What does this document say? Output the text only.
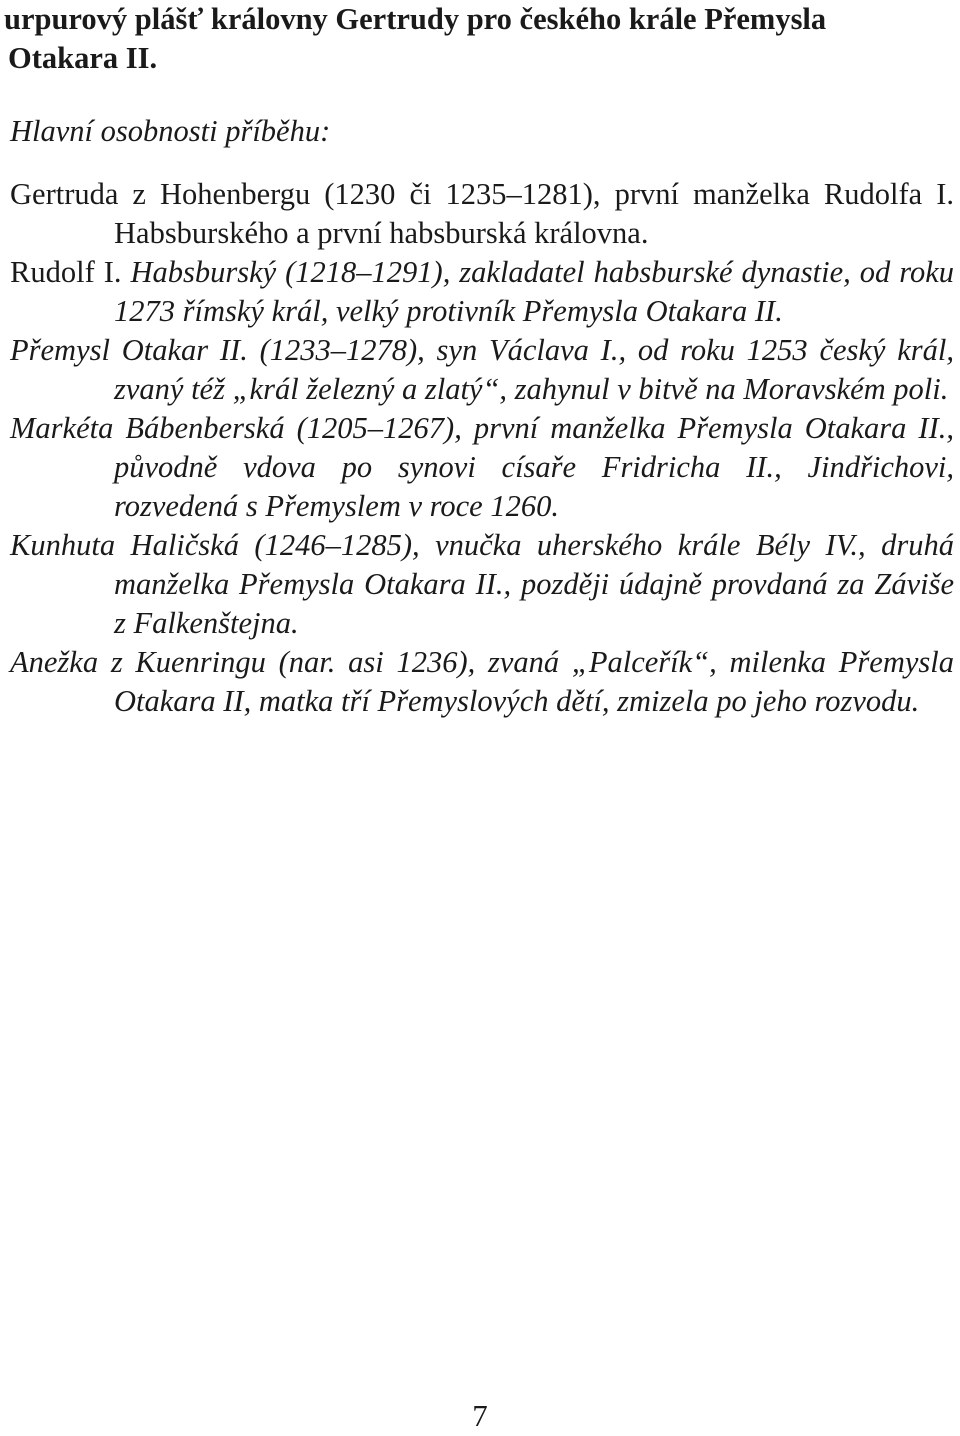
urpurový plášť královny Gertrudy pro českého krále Přemysla
Otakara II.
Hlavní osobnosti příběhu:

Gertruda z Hohenbergu (1230 či 1235–1281), první manželka Rudolfa I. Habsburského a první habsburská královna.

Rudolf I. Habsburský (1218–1291), zakladatel habsburské dynastie, od roku 1273 římský král, velký protivník Přemysla Otakara II.

Přemysl Otakar II. (1233–1278), syn Václava I., od roku 1253 český král, zvaný též „král železný a zlatý“, zahynul v bitvě na Moravském poli.

Markéta Bábenberská (1205–1267), první manželka Přemysla Otakara II., původně vdova po synovi císaře Fridricha II., Jindřichovi, rozvedená s Přemyslem v roce 1260.

Kunhuta Haličská (1246–1285), vnučka uherského krále Bély IV., druhá manželka Přemysla Otakara II., později údajně provdaná za Záviše z Falkenštejna.

Anežka z Kuenringu (nar. asi 1236), zvaná „Palceřík“, milenka Přemysla Otakara II, matka tří Přemyslových dětí, zmizela po jeho rozvodu.

7
